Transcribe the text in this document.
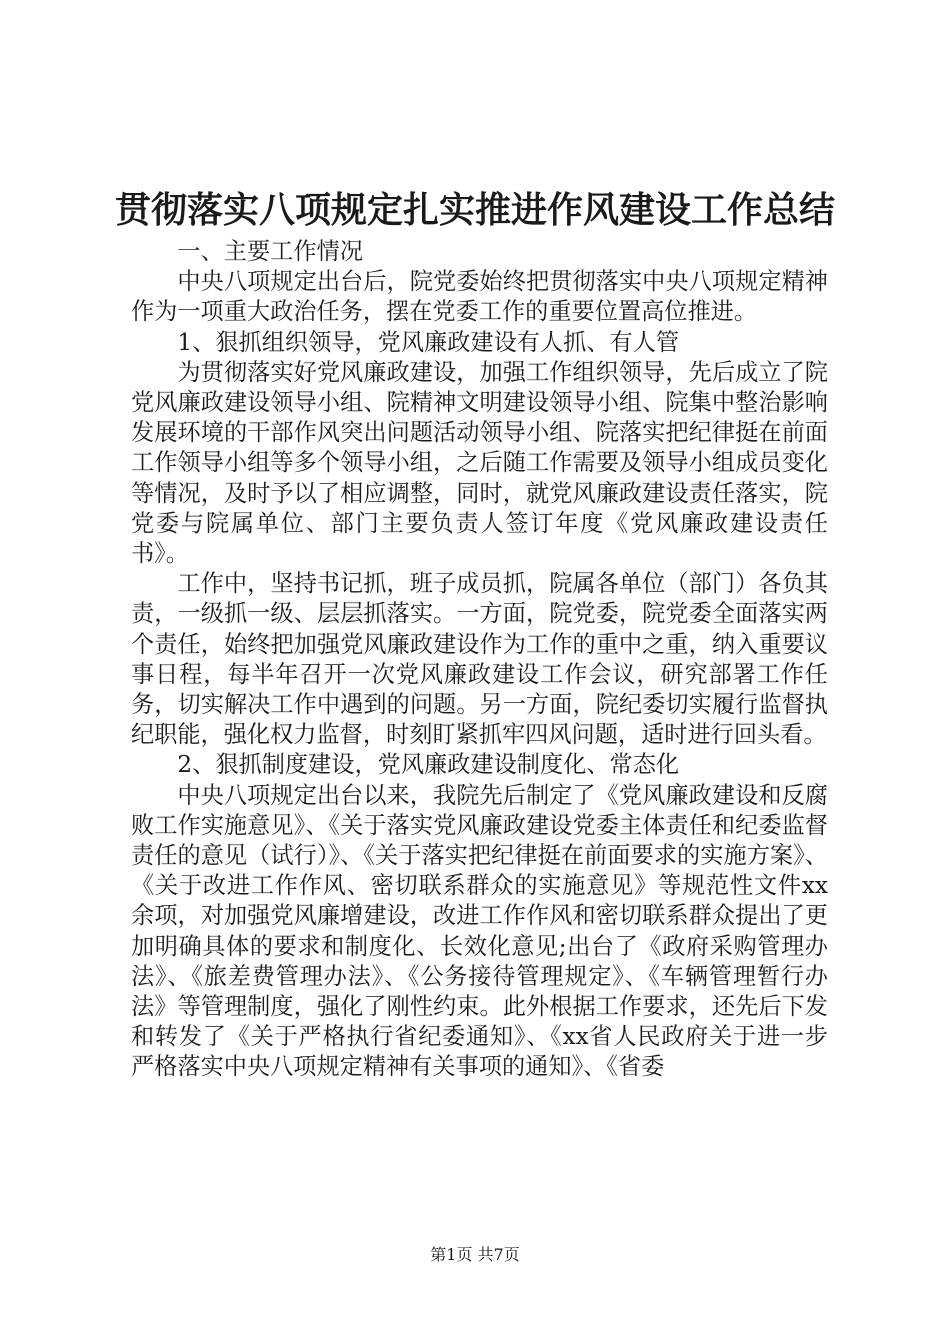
贯彻落实八项规定扎实推进作风建设工作总结

一、主要工作情况

中央八项规定出台后，院党委始终把贯彻落实中央八项规定精神作为一项重大政治任务，摆在党委工作的重要位置高位推进。

1、狠抓组织领导，党风廉政建设有人抓、有人管

为贯彻落实好党风廉政建设，加强工作组织领导，先后成立了院党风廉政建设领导小组、院精神文明建设领导小组、院集中整治影响发展环境的干部作风突出问题活动领导小组、院落实把纪律挺在前面工作领导小组等多个领导小组，之后随工作需要及领导小组成员变化等情况，及时予以了相应调整，同时，就党风廉政建设责任落实，院党委与院属单位、部门主要负责人签订年度《党风廉政建设责任书》。

工作中，坚持书记抓，班子成员抓，院属各单位（部门）各负其责，一级抓一级、层层抓落实。一方面，院党委，院党委全面落实两个责任，始终把加强党风廉政建设作为工作的重中之重，纳入重要议事日程，每半年召开一次党风廉政建设工作会议，研究部署工作任务，切实解决工作中遇到的问题。另一方面，院纪委切实履行监督执纪职能，强化权力监督，时刻盯紧抓牢四风问题，适时进行回头看。

2、狠抓制度建设，党风廉政建设制度化、常态化

中央八项规定出台以来，我院先后制定了《党风廉政建设和反腐败工作实施意见》、《关于落实党风廉政建设党委主体责任和纪委监督责任的意见（试行）》、《关于落实把纪律挺在前面要求的实施方案》、《关于改进工作作风、密切联系群众的实施意见》等规范性文件xx余项，对加强党风廉增建设，改进工作作风和密切联系群众提出了更加明确具体的要求和制度化、长效化意见;出台了《政府采购管理办法》、《旅差费管理办法》、《公务接待管理规定》、《车辆管理暂行办法》等管理制度，强化了刚性约束。此外根据工作要求，还先后下发和转发了《关于严格执行省纪委通知》、《xx省人民政府关于进一步严格落实中央八项规定精神有关事项的通知》、《省委

第1页 共7页
